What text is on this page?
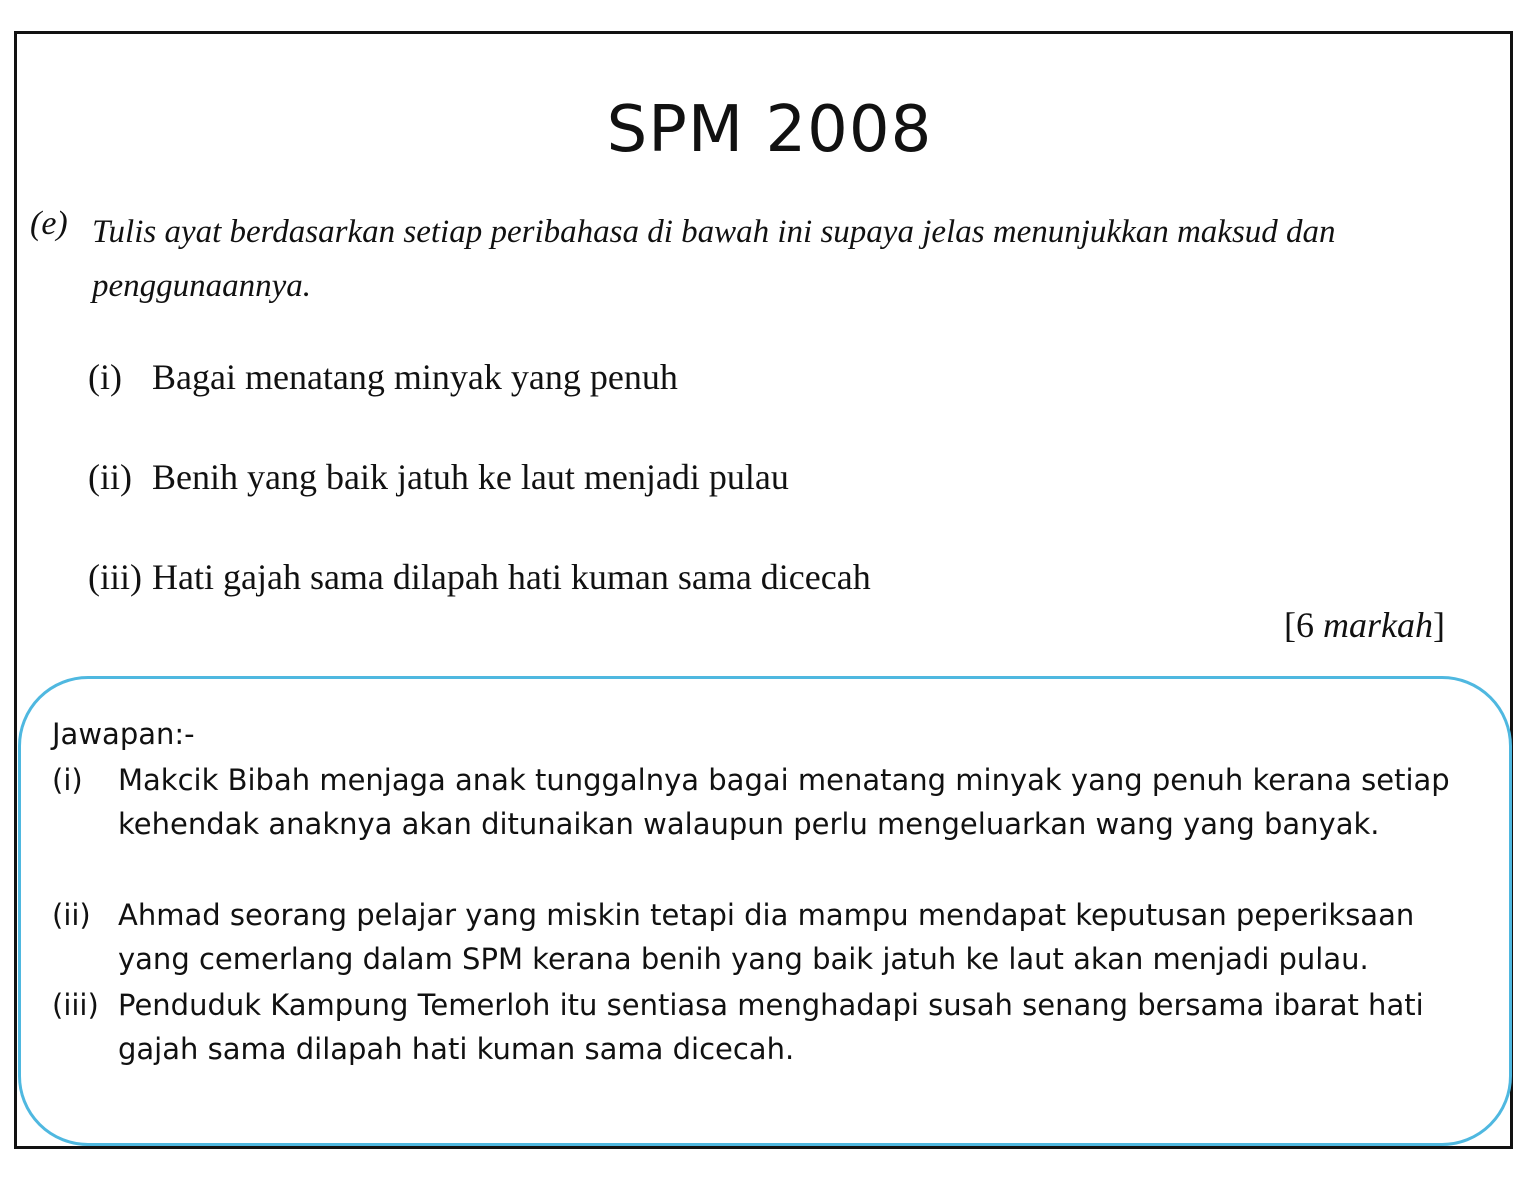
SPM 2008
(e) Tulis ayat berdasarkan setiap peribahasa di bawah ini supaya jelas menunjukkan maksud dan penggunaannya.
(i) Bagai menatang minyak yang penuh
(ii) Benih yang baik jatuh ke laut menjadi pulau
(iii) Hati gajah sama dilapah hati kuman sama dicecah
[6 markah]
Jawapan:-
(i) Makcik Bibah menjaga anak tunggalnya bagai menatang minyak yang penuh kerana setiap kehendak anaknya akan ditunaikan walaupun perlu mengeluarkan wang yang banyak.
(ii) Ahmad seorang pelajar yang miskin tetapi dia mampu mendapat keputusan peperiksaan yang cemerlang dalam SPM kerana benih yang baik jatuh ke laut akan menjadi pulau.
(iii) Penduduk Kampung Temerloh itu sentiasa menghadapi susah senang bersama ibarat hati gajah sama dilapah hati kuman sama dicecah.
